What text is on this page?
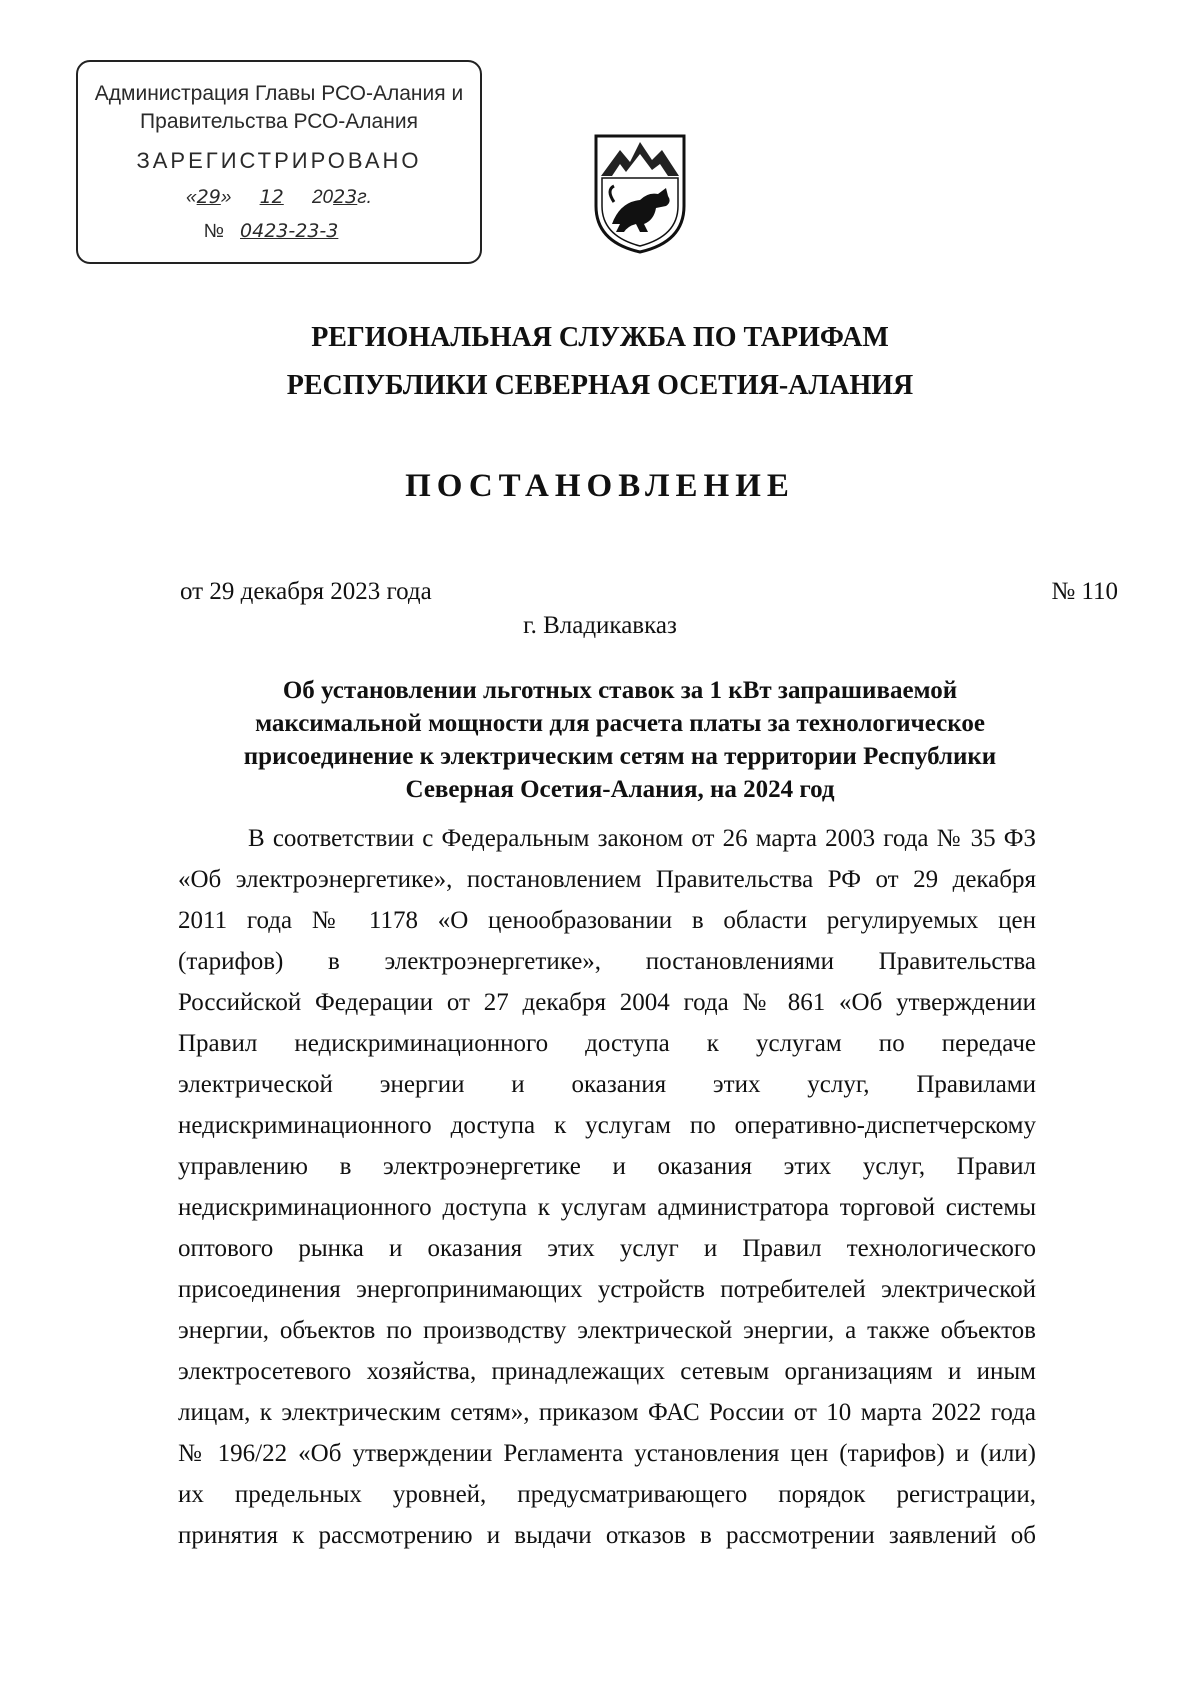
Администрация Главы РСО-Алания и
Правительства РСО-Алания
ЗАРЕГИСТРИРОВАНО
«29» 12 2023г.
№ 0423-23-3
РЕГИОНАЛЬНАЯ СЛУЖБА ПО ТАРИФАМ
РЕСПУБЛИКИ СЕВЕРНАЯ ОСЕТИЯ-АЛАНИЯ
ПОСТАНОВЛЕНИЕ
от 29 декабря 2023 года	№ 110
г. Владикавказ
Об установлении льготных ставок за 1 кВт запрашиваемой максимальной мощности для расчета платы за технологическое присоединение к электрическим сетям на территории Республики Северная Осетия-Алания, на 2024 год
В соответствии с Федеральным законом от 26 марта 2003 года № 35 ФЗ
«Об электроэнергетике», постановлением Правительства РФ от 29 декабря
2011 года № 1178 «О ценообразовании в области регулируемых цен
(тарифов) в электроэнергетике», постановлениями Правительства
Российской Федерации от 27 декабря 2004 года № 861 «Об утверждении
Правил недискриминационного доступа к услугам по передаче
электрической энергии и оказания этих услуг, Правилами
недискриминационного доступа к услугам по оперативно-диспетчерскому
управлению в электроэнергетике и оказания этих услуг, Правил
недискриминационного доступа к услугам администратора торговой системы
оптового рынка и оказания этих услуг и Правил технологического
присоединения энергопринимающих устройств потребителей электрической
энергии, объектов по производству электрической энергии, а также объектов
электросетевого хозяйства, принадлежащих сетевым организациям и иным
лицам, к электрическим сетям», приказом ФАС России от 10 марта 2022 года
№ 196/22 «Об утверждении Регламента установления цен (тарифов) и (или)
их предельных уровней, предусматривающего порядок регистрации,
принятия к рассмотрению и выдачи отказов в рассмотрении заявлений об
